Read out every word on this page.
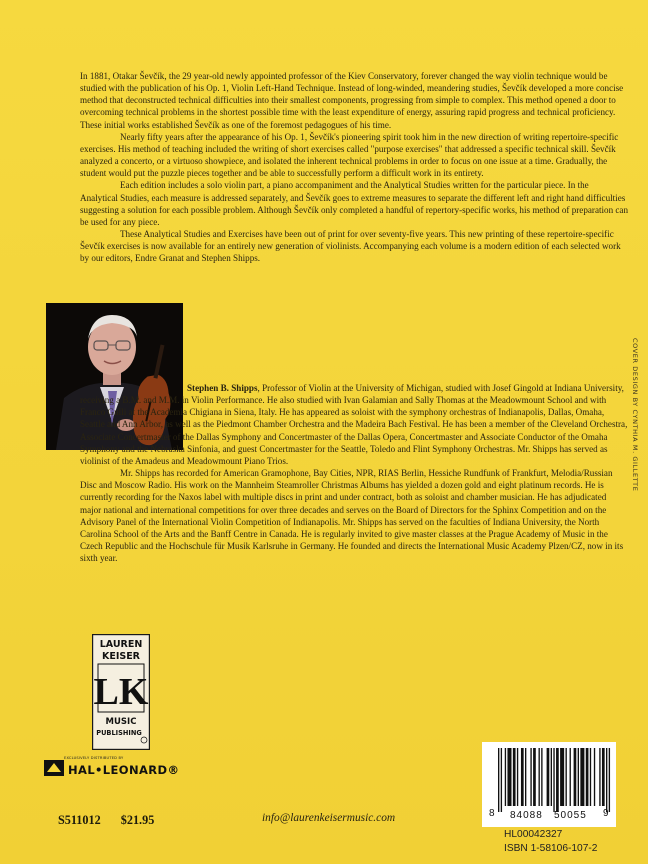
In 1881, Otakar Ševčík, the 29 year-old newly appointed professor of the Kiev Conservatory, forever changed the way violin technique would be studied with the publication of his Op. 1, Violin Left-Hand Technique. Instead of long-winded, meandering studies, Ševčík developed a more concise method that deconstructed technical difficulties into their smallest components, progressing from simple to complex. This method opened a door to overcoming technical problems in the shortest possible time with the least expenditure of energy, assuring rapid progress and technical proficiency. These initial works established Ševčík as one of the foremost pedagogues of his time.

Nearly fifty years after the appearance of his Op. 1, Ševčík's pioneering spirit took him in the new direction of writing repertoire-specific exercises. His method of teaching included the writing of short exercises called "purpose exercises" that addressed a specific technical skill. Ševčík analyzed a concerto, or a virtuoso showpiece, and isolated the inherent technical problems in order to focus on one issue at a time. Gradually, the student would put the puzzle pieces together and be able to successfully perform a difficult work in its entirety.

Each edition includes a solo violin part, a piano accompaniment and the Analytical Studies written for the particular piece. In the Analytical Studies, each measure is addressed separately, and Ševčík goes to extreme measures to separate the different left and right hand difficulties suggesting a solution for each possible problem. Although Ševčík only completed a handful of repertory-specific works, his method of preparation can be used for any piece.

These Analytical Studies and Exercises have been out of print for over seventy-five years. This new printing of these repertoire-specific Ševčík exercises is now available for an entirely new generation of violinists. Accompanying each volume is a modern edition of each selected work by our editors, Endre Granat and Stephen Shipps.

Stephen B. Shipps, Professor of Violin at the University of Michigan, studied with Josef Gingold at Indiana University, receiving a B.M. and M.M. in Violin Performance. He also studied with Ivan Galamian and Sally Thomas at the Meadowmount School and with Franco Gulli at the Academia Chigiana in Siena, Italy. He has appeared as soloist with the symphony orchestras of Indianapolis, Dallas, Omaha, Seattle and Ann Arbor, as well as the Piedmont Chamber Orchestra and the Madeira Bach Festival. He has been a member of the Cleveland Orchestra, Associate Concertmaster of the Dallas Symphony and Concertmaster of the Dallas Opera, Concertmaster and Associate Conductor of the Omaha Symphony and the Nebraska Sinfonia, and guest Concertmaster for the Seattle, Toledo and Flint Symphony Orchestras. Mr. Shipps has served as violinist of the Amadeus and Meadowmount Piano Trios.

Mr. Shipps has recorded for American Gramophone, Bay Cities, NPR, RIAS Berlin, Hessiche Rundfunk of Frankfurt, Melodia/Russian Disc and Moscow Radio. His work on the Mannheim Steamroller Christmas Albums has yielded a dozen gold and eight platinum records. He is currently recording for the Naxos label with multiple discs in print and under contract, both as soloist and chamber musician. He has adjudicated major national and international competitions for over three decades and serves on the Board of Directors for the Sphinx Competition and on the Advisory Panel of the International Violin Competition of Indianapolis. Mr. Shipps has served on the faculties of Indiana University, the North Carolina School of the Arts and the Banff Centre in Canada. He is regularly invited to give master classes at the Prague Academy of Music in the Czech Republic and the Hochschule für Musik Karlsruhe in Germany. He founded and directs the International Music Academy Plzen/CZ, now in its sixth year.

COVER DESIGN BY CYNTHIA M. GILLETTE
LAUREN
KEISER
LK
MUSIC
PUBLISHING
EXCLUSIVELY DISTRIBUTED BY
HAL•LEONARD®
S511012 $21.95	info@laurenkeisermusic.com	8 84088 50055 9
HL00042327
ISBN 1-58106-107-2
